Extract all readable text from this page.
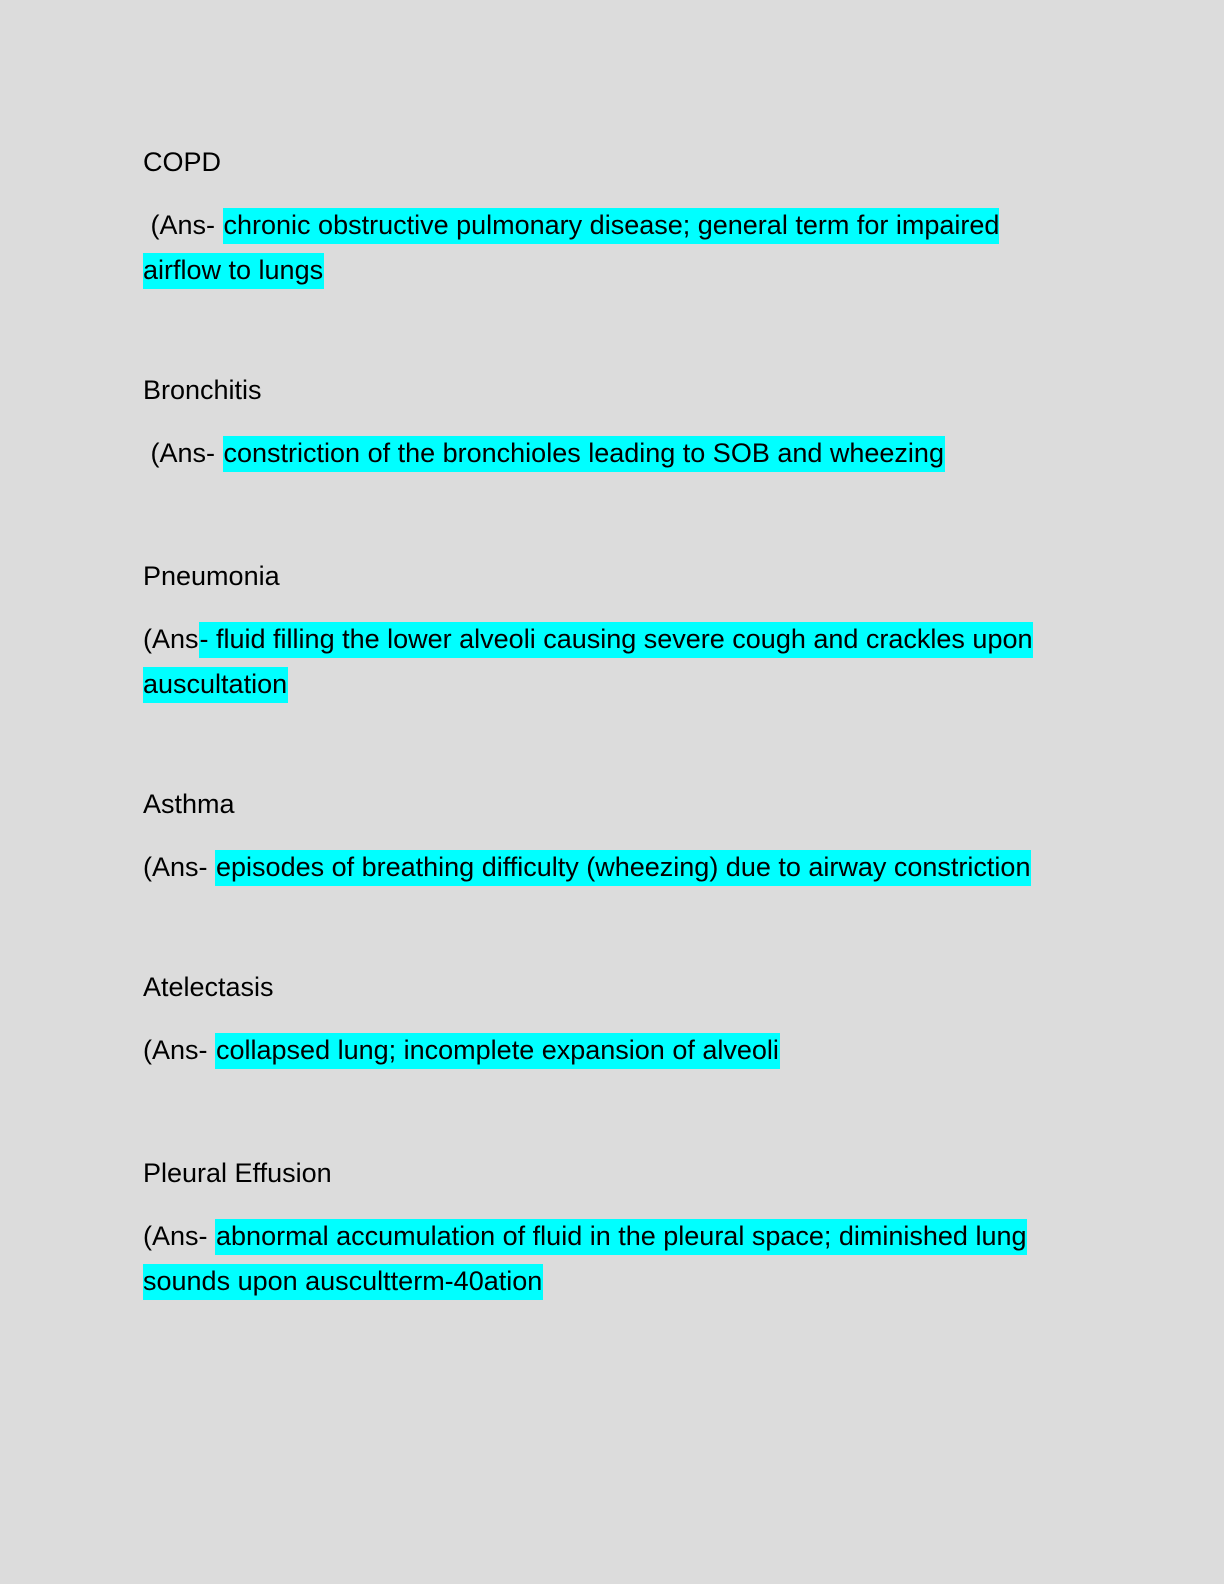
COPD

(Ans- chronic obstructive pulmonary disease; general term for impaired airflow to lungs

Bronchitis

(Ans- constriction of the bronchioles leading to SOB and wheezing

Pneumonia

(Ans- fluid filling the lower alveoli causing severe cough and crackles upon auscultation

Asthma

(Ans- episodes of breathing difficulty (wheezing) due to airway constriction

Atelectasis

(Ans- collapsed lung; incomplete expansion of alveoli

Pleural Effusion

(Ans- abnormal accumulation of fluid in the pleural space; diminished lung sounds upon auscultterm-40ation
